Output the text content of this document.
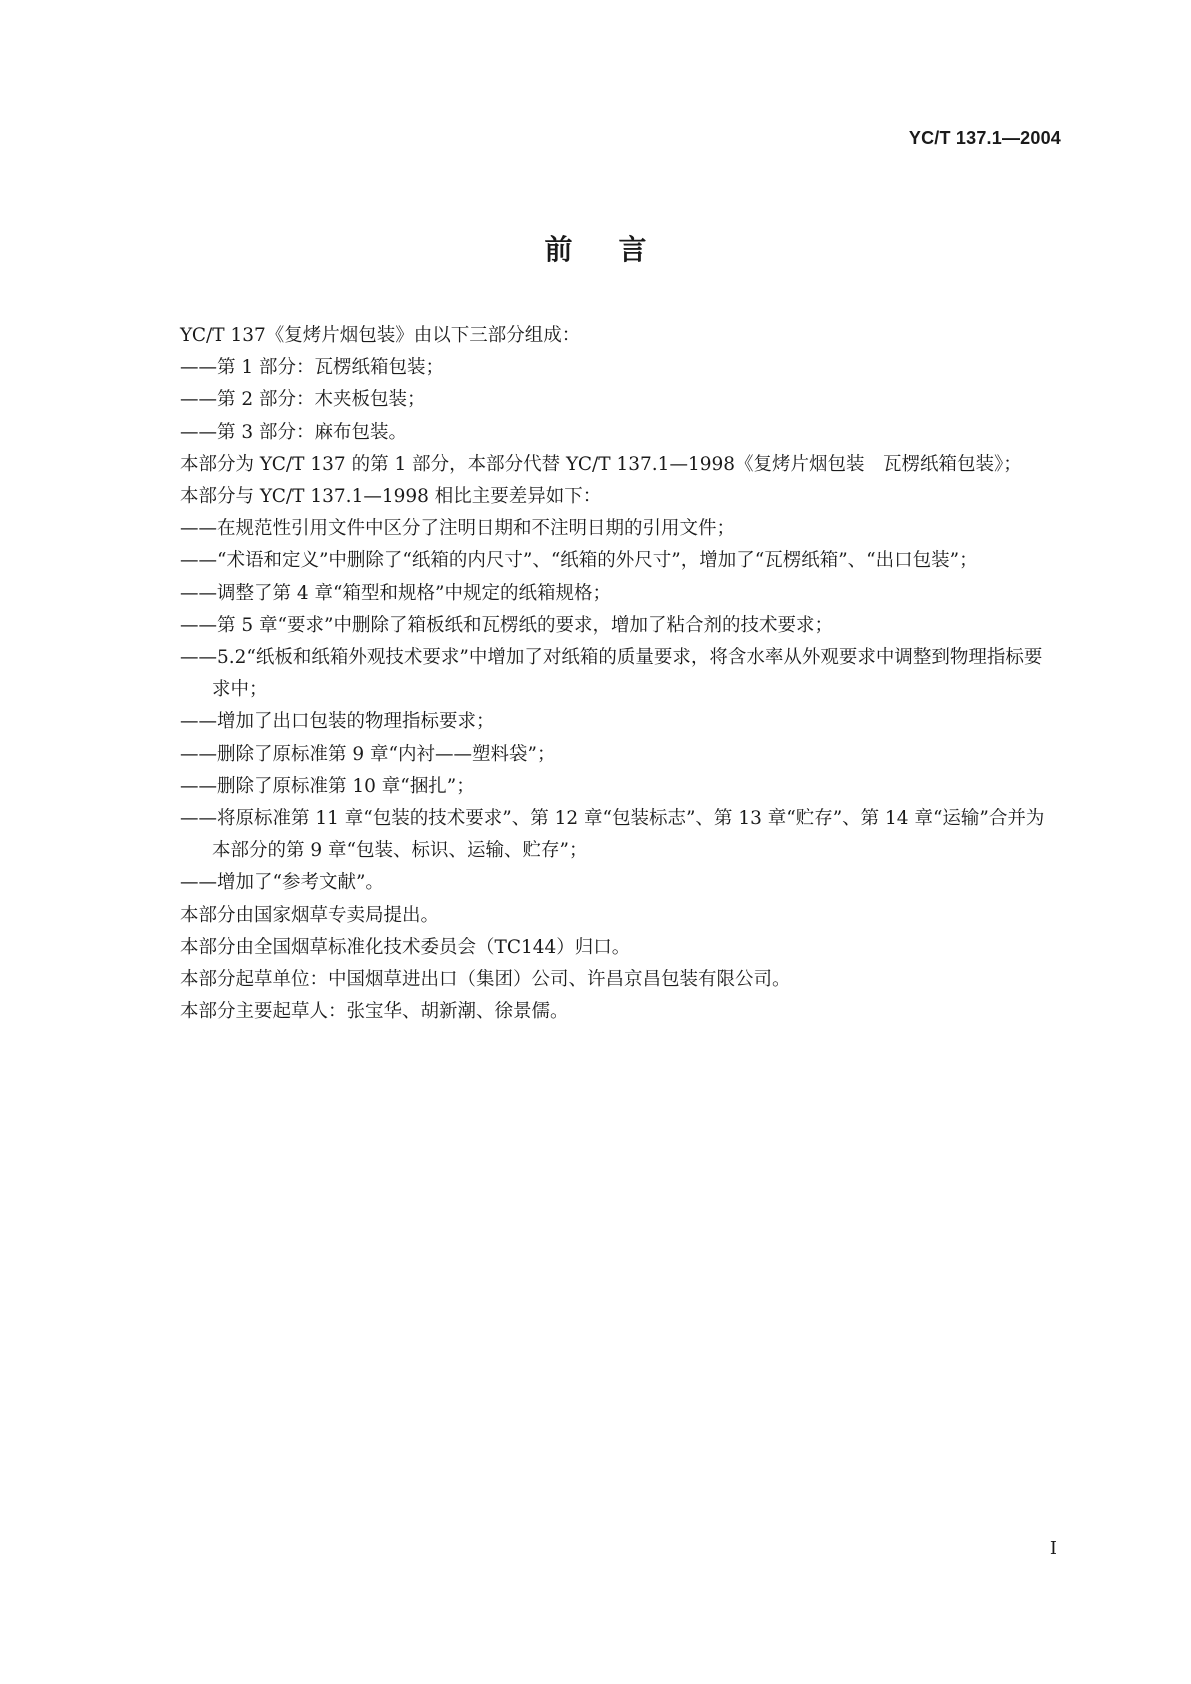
YC/T 137.1—2004
前言

YC/T 137《复烤片烟包装》由以下三部分组成：

——第 1 部分：瓦楞纸箱包装；

——第 2 部分：木夹板包装；

——第 3 部分：麻布包装。

本部分为 YC/T 137 的第 1 部分，本部分代替 YC/T 137.1—1998《复烤片烟包装　瓦楞纸箱包装》；

本部分与 YC/T 137.1—1998 相比主要差异如下：

——在规范性引用文件中区分了注明日期和不注明日期的引用文件；

——“术语和定义”中删除了“纸箱的内尺寸”、“纸箱的外尺寸”，增加了“瓦楞纸箱”、“出口包装”；

——调整了第 4 章“箱型和规格”中规定的纸箱规格；

——第 5 章“要求”中删除了箱板纸和瓦楞纸的要求，增加了粘合剂的技术要求；

——5.2“纸板和纸箱外观技术要求”中增加了对纸箱的质量要求，将含水率从外观要求中调整到物理指标要求中；

——增加了出口包装的物理指标要求；

——删除了原标准第 9 章“内衬——塑料袋”；

——删除了原标准第 10 章“捆扎”；

——将原标准第 11 章“包装的技术要求”、第 12 章“包装标志”、第 13 章“贮存”、第 14 章“运输”合并为本部分的第 9 章“包装、标识、运输、贮存”；

——增加了“参考文献”。

本部分由国家烟草专卖局提出。

本部分由全国烟草标准化技术委员会（TC144）归口。

本部分起草单位：中国烟草进出口（集团）公司、许昌京昌包装有限公司。

本部分主要起草人：张宝华、胡新潮、徐景儒。

I
